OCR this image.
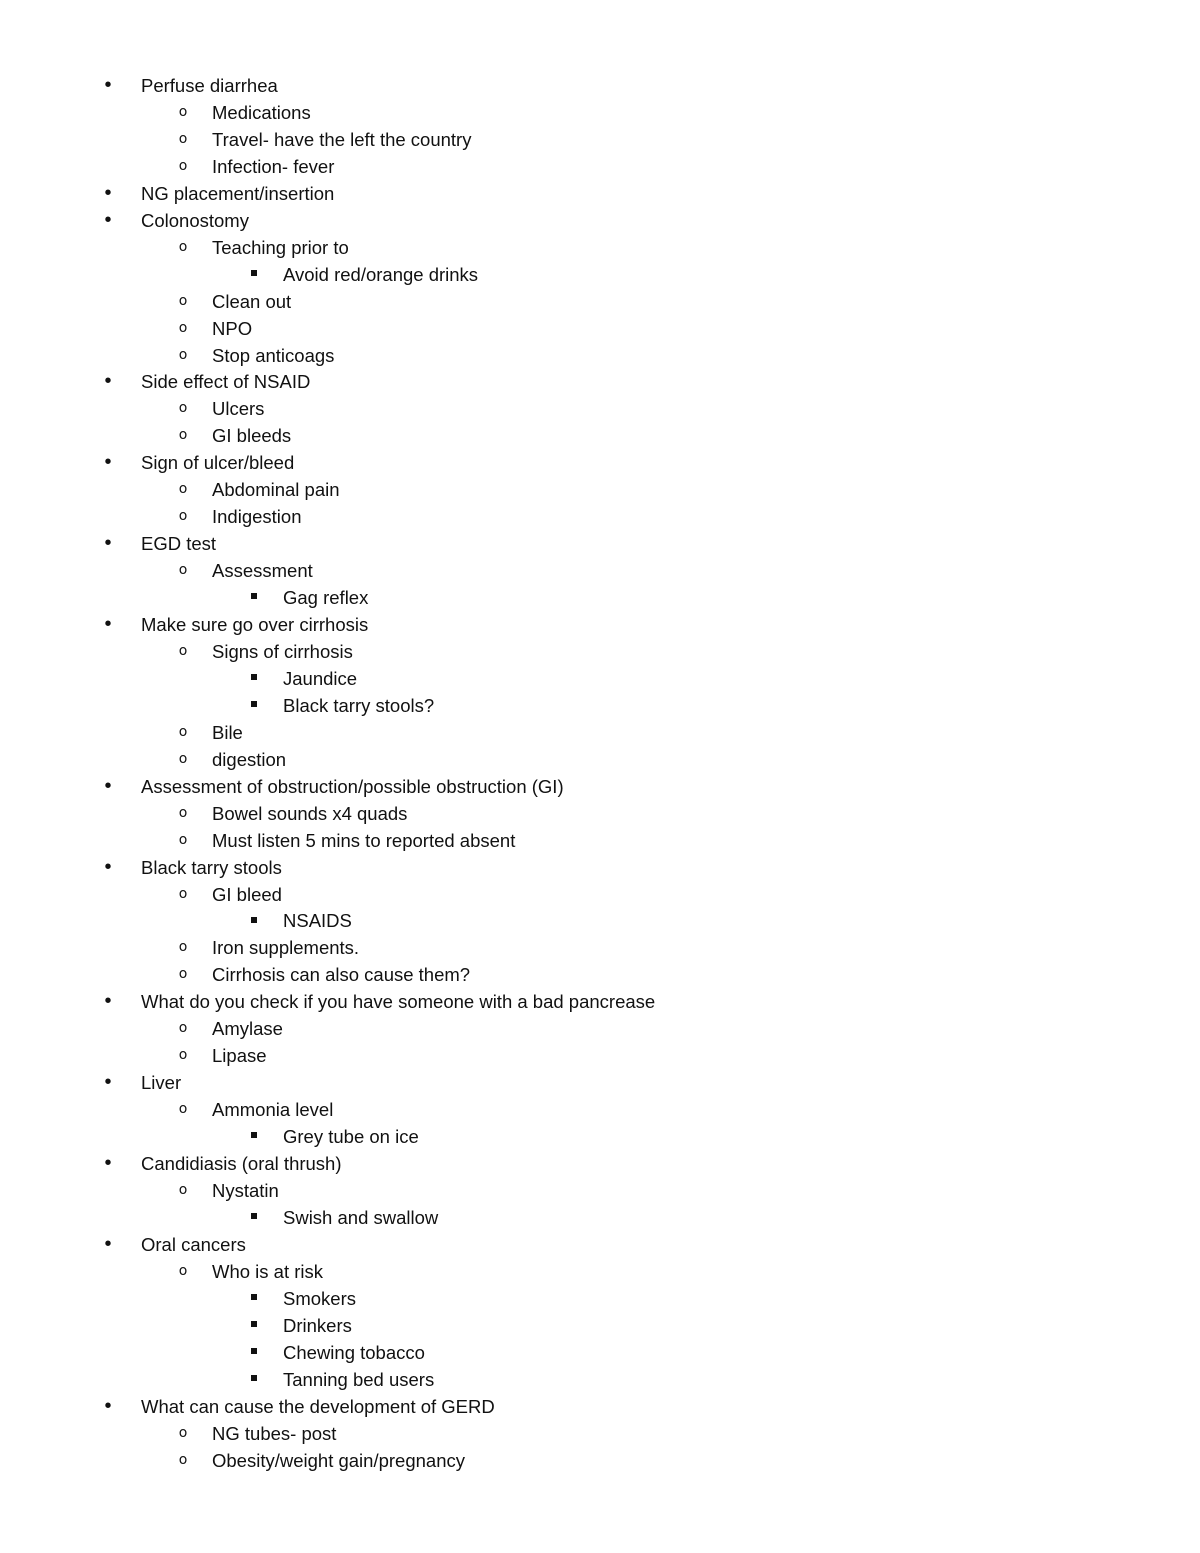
•	Perfuse diarrhea
o	Medications
o	Travel- have the left the country
o	Infection- fever
•	NG placement/insertion
•	Colonostomy
o	Teaching prior to
Avoid red/orange drinks
o	Clean out
o	NPO
o	Stop anticoags
•	Side effect of NSAID
o	Ulcers
o	GI bleeds
•	Sign of ulcer/bleed
o	Abdominal pain
o	Indigestion
•	EGD test
o	Assessment
Gag reflex
•	Make sure go over cirrhosis
o	Signs of cirrhosis
Jaundice
Black tarry stools?
o	Bile
o	digestion
•	Assessment of obstruction/possible obstruction (GI)
o	Bowel sounds x4 quads
o	Must listen 5 mins to reported absent
•	Black tarry stools
o	GI bleed
NSAIDS
o	Iron supplements.
o	Cirrhosis can also cause them?
•	What do you check if you have someone with a bad pancrease
o	Amylase
o	Lipase
•	Liver
o	Ammonia level
Grey tube on ice
•	Candidiasis (oral thrush)
o	Nystatin
Swish and swallow
•	Oral cancers
o	Who is at risk
Smokers
Drinkers
Chewing tobacco
Tanning bed users
•	What can cause the development of GERD
o	NG tubes- post
o	Obesity/weight gain/pregnancy
